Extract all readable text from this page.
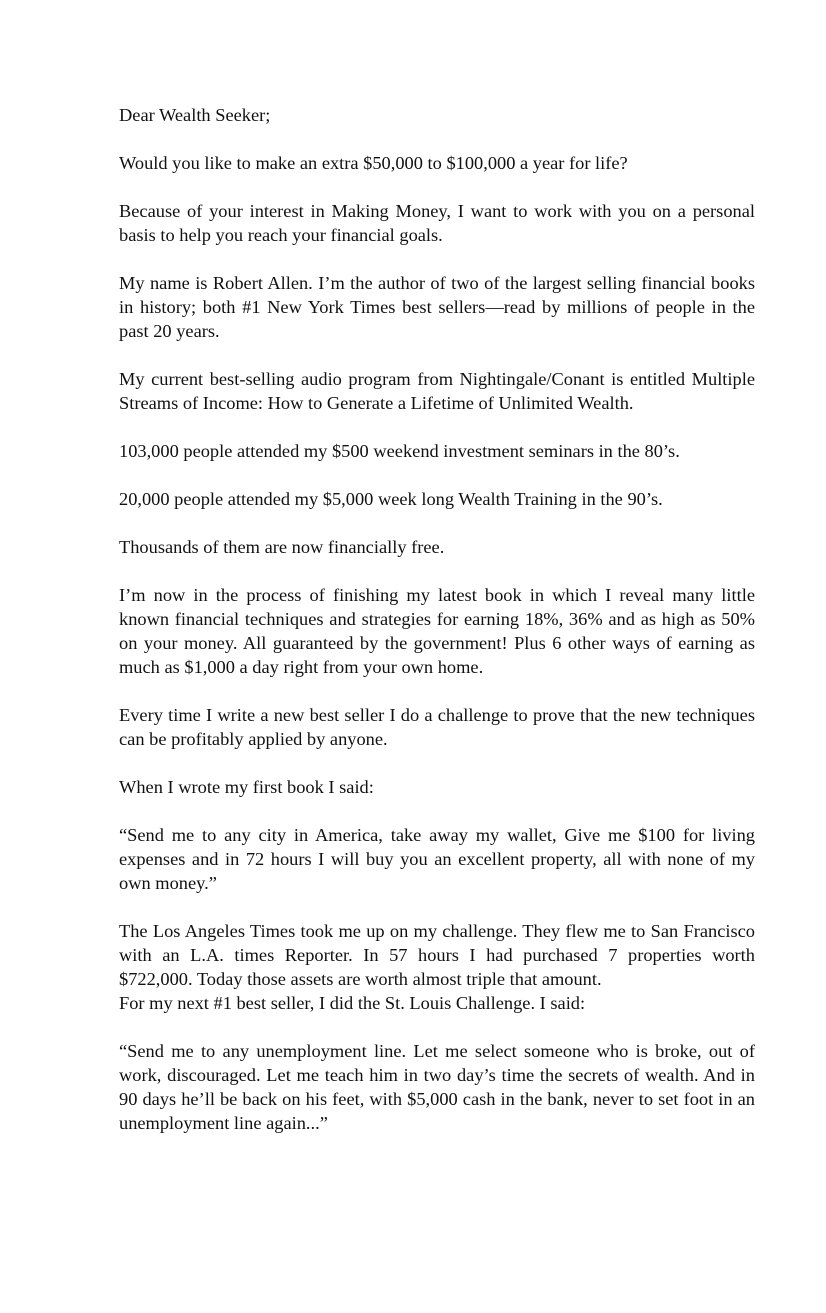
Dear Wealth Seeker;

Would you like to make an extra $50,000 to $100,000 a year for life?

Because of your interest in Making Money, I want to work with you on a personal basis to help you reach your financial goals.

My name is Robert Allen. I’m the author of two of the largest selling financial books in history; both #1 New York Times best sellers—read by millions of people in the past 20 years.

My current best-selling audio program from Nightingale/Conant is entitled Multiple Streams of Income: How to Generate a Lifetime of Unlimited Wealth.

103,000 people attended my $500 weekend investment seminars in the 80’s.

20,000 people attended my $5,000 week long Wealth Training in the 90’s.

Thousands of them are now financially free.

I’m now in the process of finishing my latest book in which I reveal many little known financial techniques and strategies for earning 18%, 36% and as high as 50% on your money. All guaranteed by the government! Plus 6 other ways of earning as much as $1,000 a day right from your own home.

Every time I write a new best seller I do a challenge to prove that the new techniques can be profitably applied by anyone.

When I wrote my first book I said:

“Send me to any city in America, take away my wallet, Give me $100 for living expenses and in 72 hours I will buy you an excellent property, all with none of my own money.”

The Los Angeles Times took me up on my challenge. They flew me to San Francisco with an L.A. times Reporter. In 57 hours I had purchased 7 properties worth $722,000. Today those assets are worth almost triple that amount.

For my next #1 best seller, I did the St. Louis Challenge. I said:

“Send me to any unemployment line. Let me select someone who is broke, out of work, discouraged. Let me teach him in two day’s time the secrets of wealth. And in 90 days he’ll be back on his feet, with $5,000 cash in the bank, never to set foot in an unemployment line again...”
